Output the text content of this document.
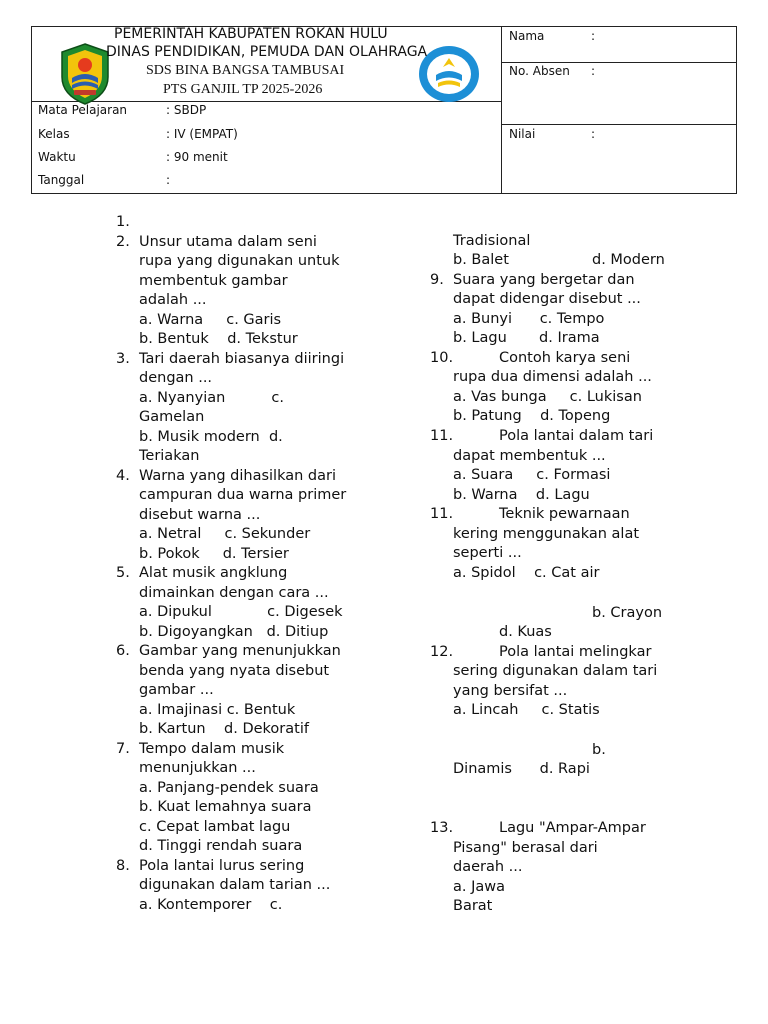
PEMERINTAH KABUPATEN ROKAN HULU
DINAS PENDIDIKAN, PEMUDA DAN OLAHRAGA
SDS BINA BANGSA TAMBUSAI
PTS GANJIL TP 2025-2026
Mata Pelajaran	: SBDP
Kelas	: IV (EMPAT)
Waktu	: 90 menit
Tanggal	:
Nama	:
No. Absen :
Nilai	:
1.
2. Unsur utama dalam seni
rupa yang digunakan untuk
membentuk gambar
adalah ...
a. Warna     c. Garis
b. Bentuk    d. Tekstur
3. Tari daerah biasanya diiringi
dengan ...
a. Nyanyian          c.
Gamelan
b. Musik modern  d.
Teriakan
4. Warna yang dihasilkan dari
campuran dua warna primer
disebut warna ...
a. Netral     c. Sekunder
b. Pokok     d. Tersier
5. Alat musik angklung
dimainkan dengan cara ...
a. Dipukul            c. Digesek
b. Digoyangkan   d. Ditiup
6. Gambar yang menunjukkan
benda yang nyata disebut
gambar ...
a. Imajinasi c. Bentuk
b. Kartun    d. Dekoratif
7. Tempo dalam musik
menunjukkan ...
a. Panjang-pendek suara
b. Kuat lemahnya suara
c. Cepat lambat lagu
d. Tinggi rendah suara
8. Pola lantai lurus sering
digunakan dalam tarian ...
a. Kontemporer    c.
Tradisional
b. Balet	d. Modern
9. Suara yang bergetar dan
dapat didengar disebut ...
a. Bunyi      c. Tempo
b. Lagu       d. Irama
10.	Contoh karya seni
rupa dua dimensi adalah ...
a. Vas bunga     c. Lukisan
b. Patung    d. Topeng
11.	Pola lantai dalam tari
dapat membentuk ...
a. Suara     c. Formasi
b. Warna    d. Lagu
11.	Teknik pewarnaan
kering menggunakan alat
seperti ...
a. Spidol    c. Cat air
b. Crayon
d. Kuas
12.	Pola lantai melingkar
sering digunakan dalam tari
yang bersifat ...
a. Lincah     c. Statis
b.
Dinamis      d. Rapi
13.	Lagu "Ampar-Ampar
Pisang" berasal dari
daerah ...
a. Jawa
Barat
